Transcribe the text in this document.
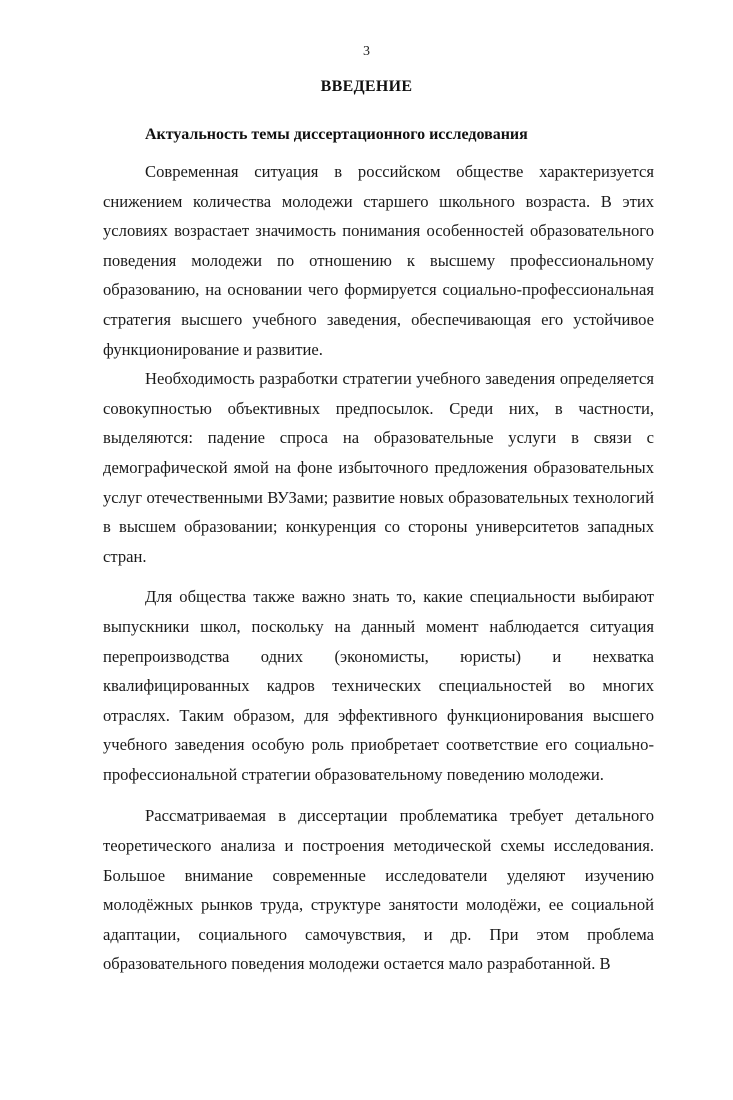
3
ВВЕДЕНИЕ
Актуальность темы диссертационного исследования

Современная ситуация в российском обществе характеризуется снижением количества молодежи старшего школьного возраста. В этих условиях возрастает значимость понимания особенностей образовательного поведения молодежи по отношению к высшему профессиональному образованию, на основании чего формируется социально-профессиональная стратегия высшего учебного заведения, обеспечивающая его устойчивое функционирование и развитие.

Необходимость разработки стратегии учебного заведения определяется совокупностью объективных предпосылок. Среди них, в частности, выделяются: падение спроса на образовательные услуги в связи с демографической ямой на фоне избыточного предложения образовательных услуг отечественными ВУЗами; развитие новых образовательных технологий в высшем образовании; конкуренция со стороны университетов западных стран.

Для общества также важно знать то, какие специальности выбирают выпускники школ, поскольку на данный момент наблюдается ситуация перепроизводства одних (экономисты, юристы) и нехватка квалифицированных кадров технических специальностей во многих отраслях. Таким образом, для эффективного функционирования высшего учебного заведения особую роль приобретает соответствие его социально-профессиональной стратегии образовательному поведению молодежи.

Рассматриваемая в диссертации проблематика требует детального теоретического анализа и построения методической схемы исследования. Большое внимание современные исследователи уделяют изучению молодёжных рынков труда, структуре занятости молодёжи, ее социальной адаптации, социального самочувствия, и др. При этом проблема образовательного поведения молодежи остается мало разработанной. В
